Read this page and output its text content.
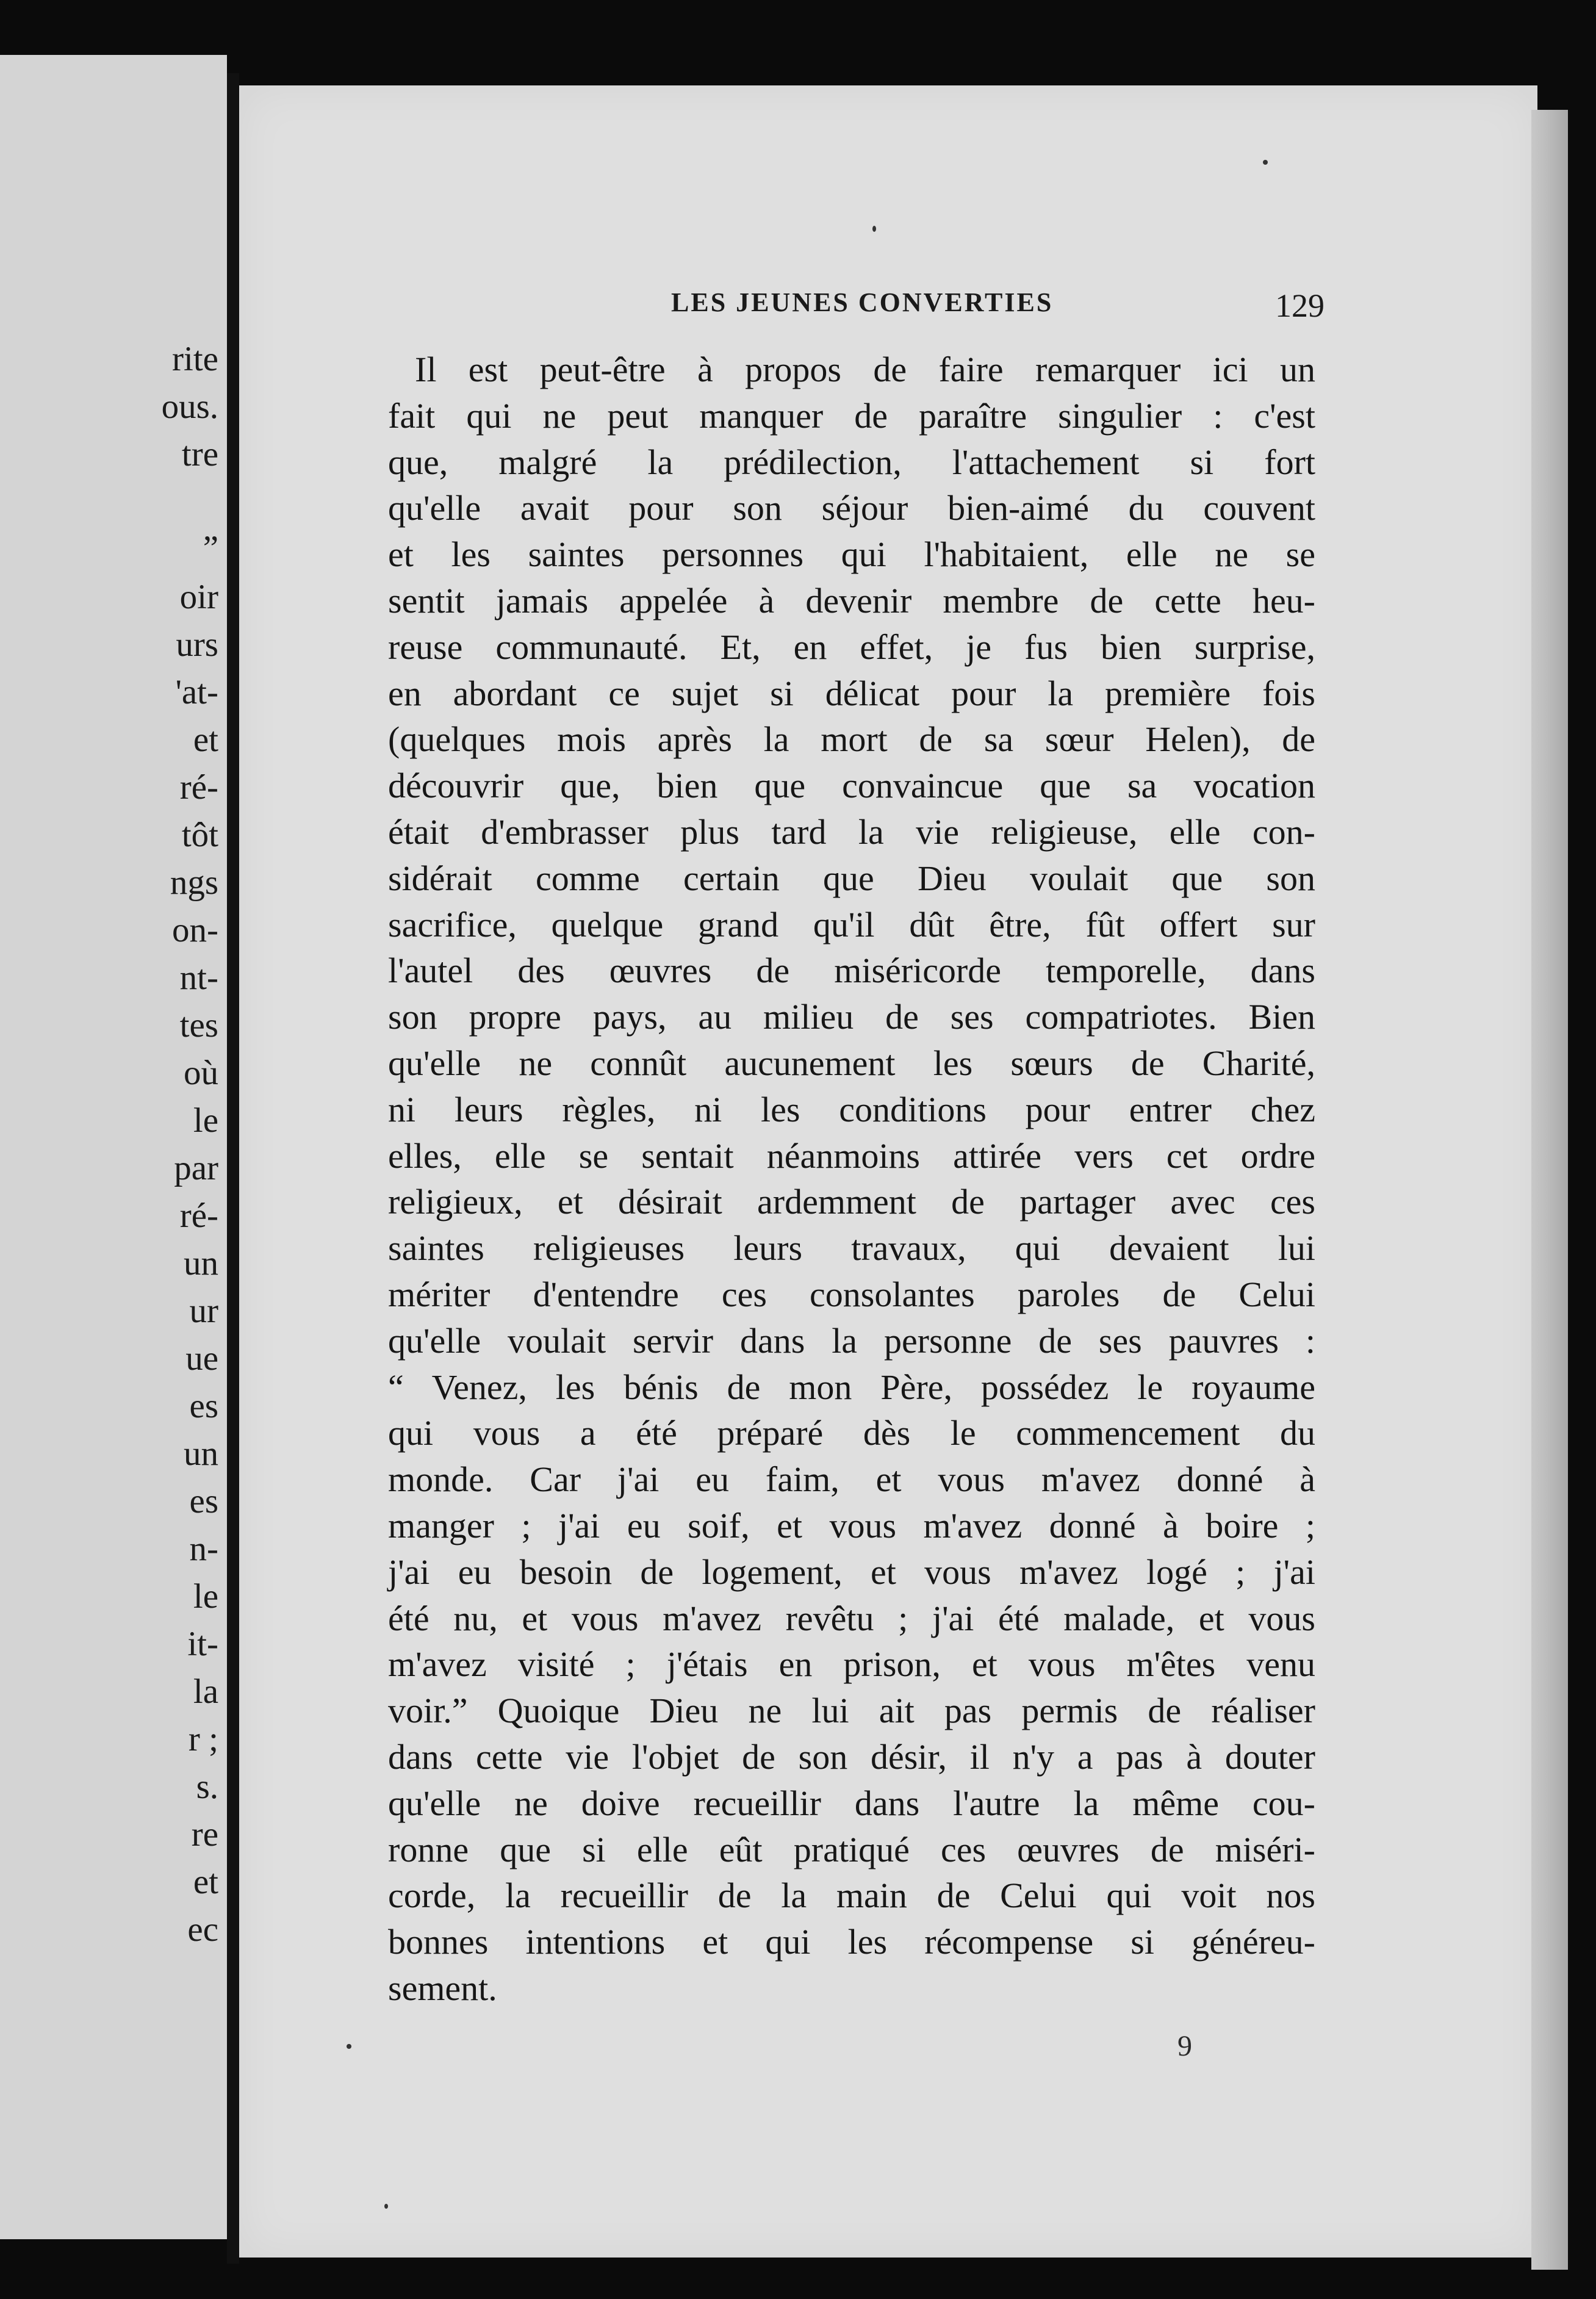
rite
ous.
tre
”
oir
urs
'at-
et
ré-
tôt
ngs
on-
nt-
tes
où
le
par
ré-
un
ur
ue
es
un
es
n-
le
it-
la
r ;
s.
re
et
ec
LES JEUNES CONVERTIES	129
Il est peut-être à propos de faire remarquer ici un
fait qui ne peut manquer de paraître singulier : c'est
que, malgré la prédilection, l'attachement si fort
qu'elle avait pour son séjour bien-aimé du couvent
et les saintes personnes qui l'habitaient, elle ne se
sentit jamais appelée à devenir membre de cette heu-
reuse communauté. Et, en effet, je fus bien surprise,
en abordant ce sujet si délicat pour la première fois
(quelques mois après la mort de sa sœur Helen), de
découvrir que, bien que convaincue que sa vocation
était d'embrasser plus tard la vie religieuse, elle con-
sidérait comme certain que Dieu voulait que son
sacrifice, quelque grand qu'il dût être, fût offert sur
l'autel des œuvres de miséricorde temporelle, dans
son propre pays, au milieu de ses compatriotes. Bien
qu'elle ne connût aucunement les sœurs de Charité,
ni leurs règles, ni les conditions pour entrer chez
elles, elle se sentait néanmoins attirée vers cet ordre
religieux, et désirait ardemment de partager avec ces
saintes religieuses leurs travaux, qui devaient lui
mériter d'entendre ces consolantes paroles de Celui
qu'elle voulait servir dans la personne de ses pauvres :
“ Venez, les bénis de mon Père, possédez le royaume
qui vous a été préparé dès le commencement du
monde. Car j'ai eu faim, et vous m'avez donné à
manger ; j'ai eu soif, et vous m'avez donné à boire ;
j'ai eu besoin de logement, et vous m'avez logé ; j'ai
été nu, et vous m'avez revêtu ; j'ai été malade, et vous
m'avez visité ; j'étais en prison, et vous m'êtes venu
voir.” Quoique Dieu ne lui ait pas permis de réaliser
dans cette vie l'objet de son désir, il n'y a pas à douter
qu'elle ne doive recueillir dans l'autre la même cou-
ronne que si elle eût pratiqué ces œuvres de miséri-
corde, la recueillir de la main de Celui qui voit nos
bonnes intentions et qui les récompense si généreu-
sement.
9
